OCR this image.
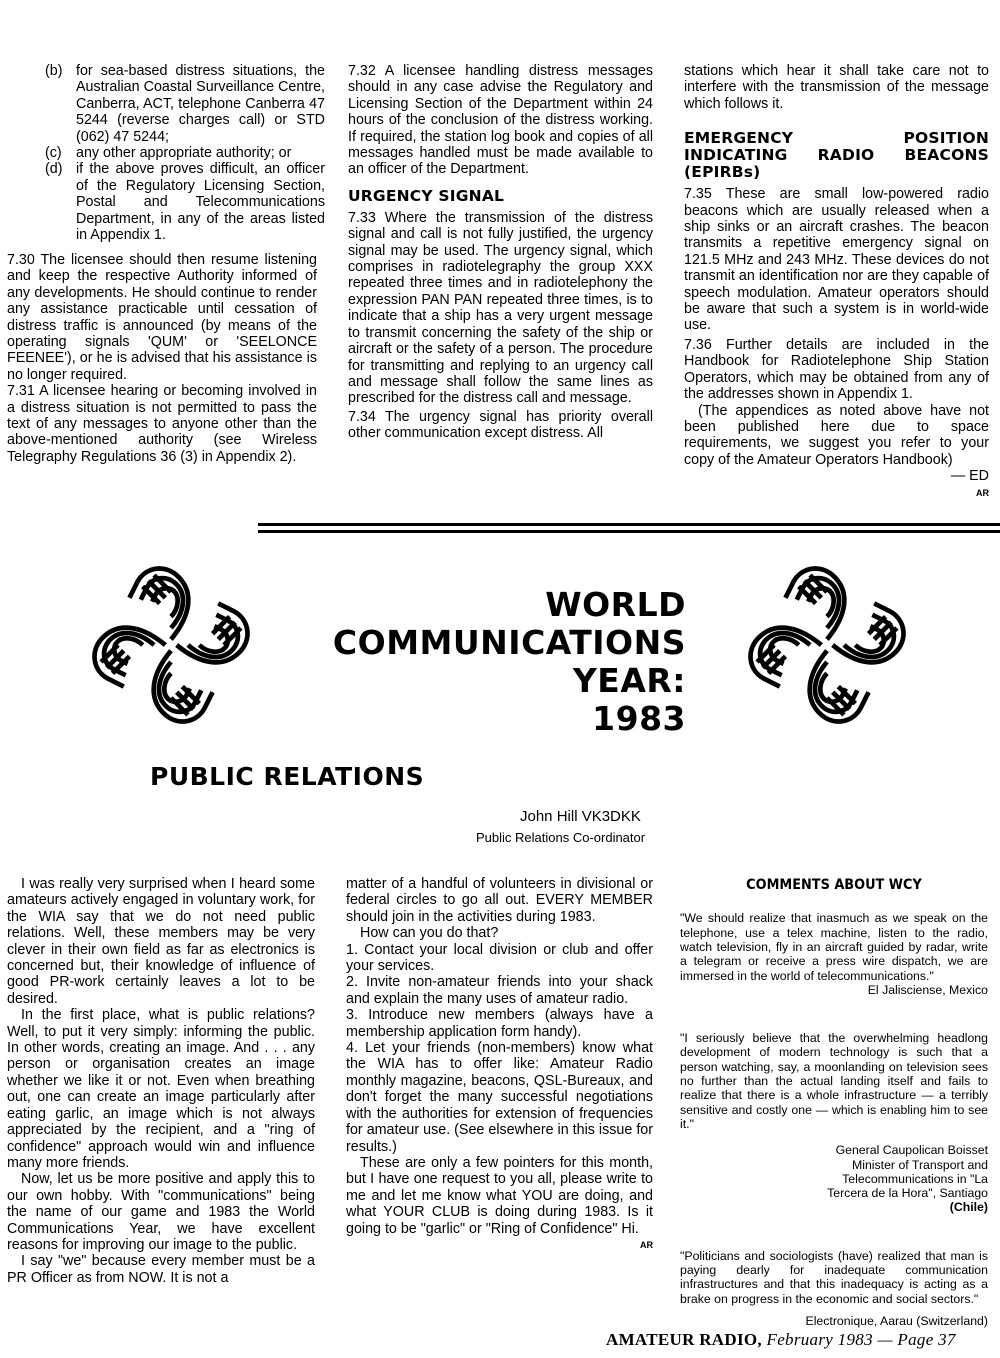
(b) for sea-based distress situations, the Australian Coastal Surveillance Centre, Canberra, ACT, telephone Canberra 47 5244 (reverse charges call) or STD (062) 47 5244;
(c)	any other appropriate authority; or
(d) if the above proves difficult, an officer of the Regulatory Licensing Section, Postal and Telecommunications Department, in any of the areas listed in Appendix 1.

7.30 The licensee should then resume listening and keep the respective Authority informed of any developments. He should continue to render any assistance practicable until cessation of distress traffic is announced (by means of the operating signals 'QUM' or 'SEELONCE FEENEE'), or he is advised that his assistance is no longer required.

7.31 A licensee hearing or becoming involved in a distress situation is not permitted to pass the text of any messages to anyone other than the above-mentioned authority (see Wireless Telegraphy Regulations 36 (3) in Appendix 2).

7.32 A licensee handling distress messages should in any case advise the Regulatory and Licensing Section of the Department within 24 hours of the conclusion of the distress working. If required, the station log book and copies of all messages handled must be made available to an officer of the Department.

URGENCY SIGNAL

7.33 Where the transmission of the distress signal and call is not fully justified, the urgency signal may be used. The urgency signal, which comprises in radiotelegraphy the group XXX repeated three times and in radiotelephony the expression PAN PAN repeated three times, is to indicate that a ship has a very urgent message to transmit concerning the safety of the ship or aircraft or the safety of a person. The procedure for transmitting and replying to an urgency call and message shall follow the same lines as prescribed for the distress call and message.

7.34 The urgency signal has priority overall other communication except distress. All

stations which hear it shall take care not to interfere with the transmission of the message which follows it.

EMERGENCY POSITION INDICATING RADIO BEACONS (EPIRBs)

7.35 These are small low-powered radio beacons which are usually released when a ship sinks or an aircraft crashes. The beacon transmits a repetitive emergency signal on 121.5 MHz and 243 MHz. These devices do not transmit an identification nor are they capable of speech modulation. Amateur operators should be aware that such a system is in world-wide use.

7.36 Further details are included in the Handbook for Radiotelephone Ship Station Operators, which may be obtained from any of the addresses shown in Appendix 1.

(The appendices as noted above have not been published here due to space requirements, we suggest you refer to your copy of the Amateur Operators Handbook)

— ED

AR

WORLD
COMMUNICATIONS
YEAR:
1983
PUBLIC RELATIONS
John Hill VK3DKK
Public Relations Co-ordinator

I was really very surprised when I heard some amateurs actively engaged in voluntary work, for the WIA say that we do not need public relations. Well, these members may be very clever in their own field as far as electronics is concerned but, their knowledge of influence of good PR-work certainly leaves a lot to be desired.

In the first place, what is public relations? Well, to put it very simply: informing the public. In other words, creating an image. And . . . any person or organisation creates an image whether we like it or not. Even when breathing out, one can create an image particularly after eating garlic, an image which is not always appreciated by the recipient, and a "ring of confidence" approach would win and influence many more friends.

Now, let us be more positive and apply this to our own hobby. With "communications" being the name of our game and 1983 the World Communications Year, we have excellent reasons for improving our image to the public.

I say "we" because every member must be a PR Officer as from NOW. It is not a

matter of a handful of volunteers in divisional or federal circles to go all out. EVERY MEMBER should join in the activities during 1983.

How can you do that?

1. Contact your local division or club and offer your services.

2. Invite non-amateur friends into your shack and explain the many uses of amateur radio.

3. Introduce new members (always have a membership application form handy).

4. Let your friends (non-members) know what the WIA has to offer like: Amateur Radio monthly magazine, beacons, QSL-Bureaux, and don't forget the many successful negotiations with the authorities for extension of frequencies for amateur use. (See elsewhere in this issue for results.)

These are only a few pointers for this month, but I have one request to you all, please write to me and let me know what YOU are doing, and what YOUR CLUB is doing during 1983. Is it going to be "garlic" or "Ring of Confidence" Hi.

AR

COMMENTS ABOUT WCY

"We should realize that inasmuch as we speak on the telephone, use a telex machine, listen to the radio, watch television, fly in an aircraft guided by radar, write a telegram or receive a press wire dispatch, we are immersed in the world of telecommunications."

El Jalisciense, Mexico

"I seriously believe that the overwhelming headlong development of modern technology is such that a person watching, say, a moonlanding on television sees no further than the actual landing itself and fails to realize that there is a whole infrastructure — a terribly sensitive and costly one — which is enabling him to see it."

General Caupolican Boisset

Minister of Transport and

Telecommunications in "La

Tercera de la Hora", Santiago

(Chile)

"Politicians and sociologists (have) realized that man is paying dearly for inadequate communication infrastructures and that this inadequacy is acting as a brake on progress in the economic and social sectors."

Electronique, Aarau (Switzerland)

AMATEUR RADIO, February 1983 — Page 37
